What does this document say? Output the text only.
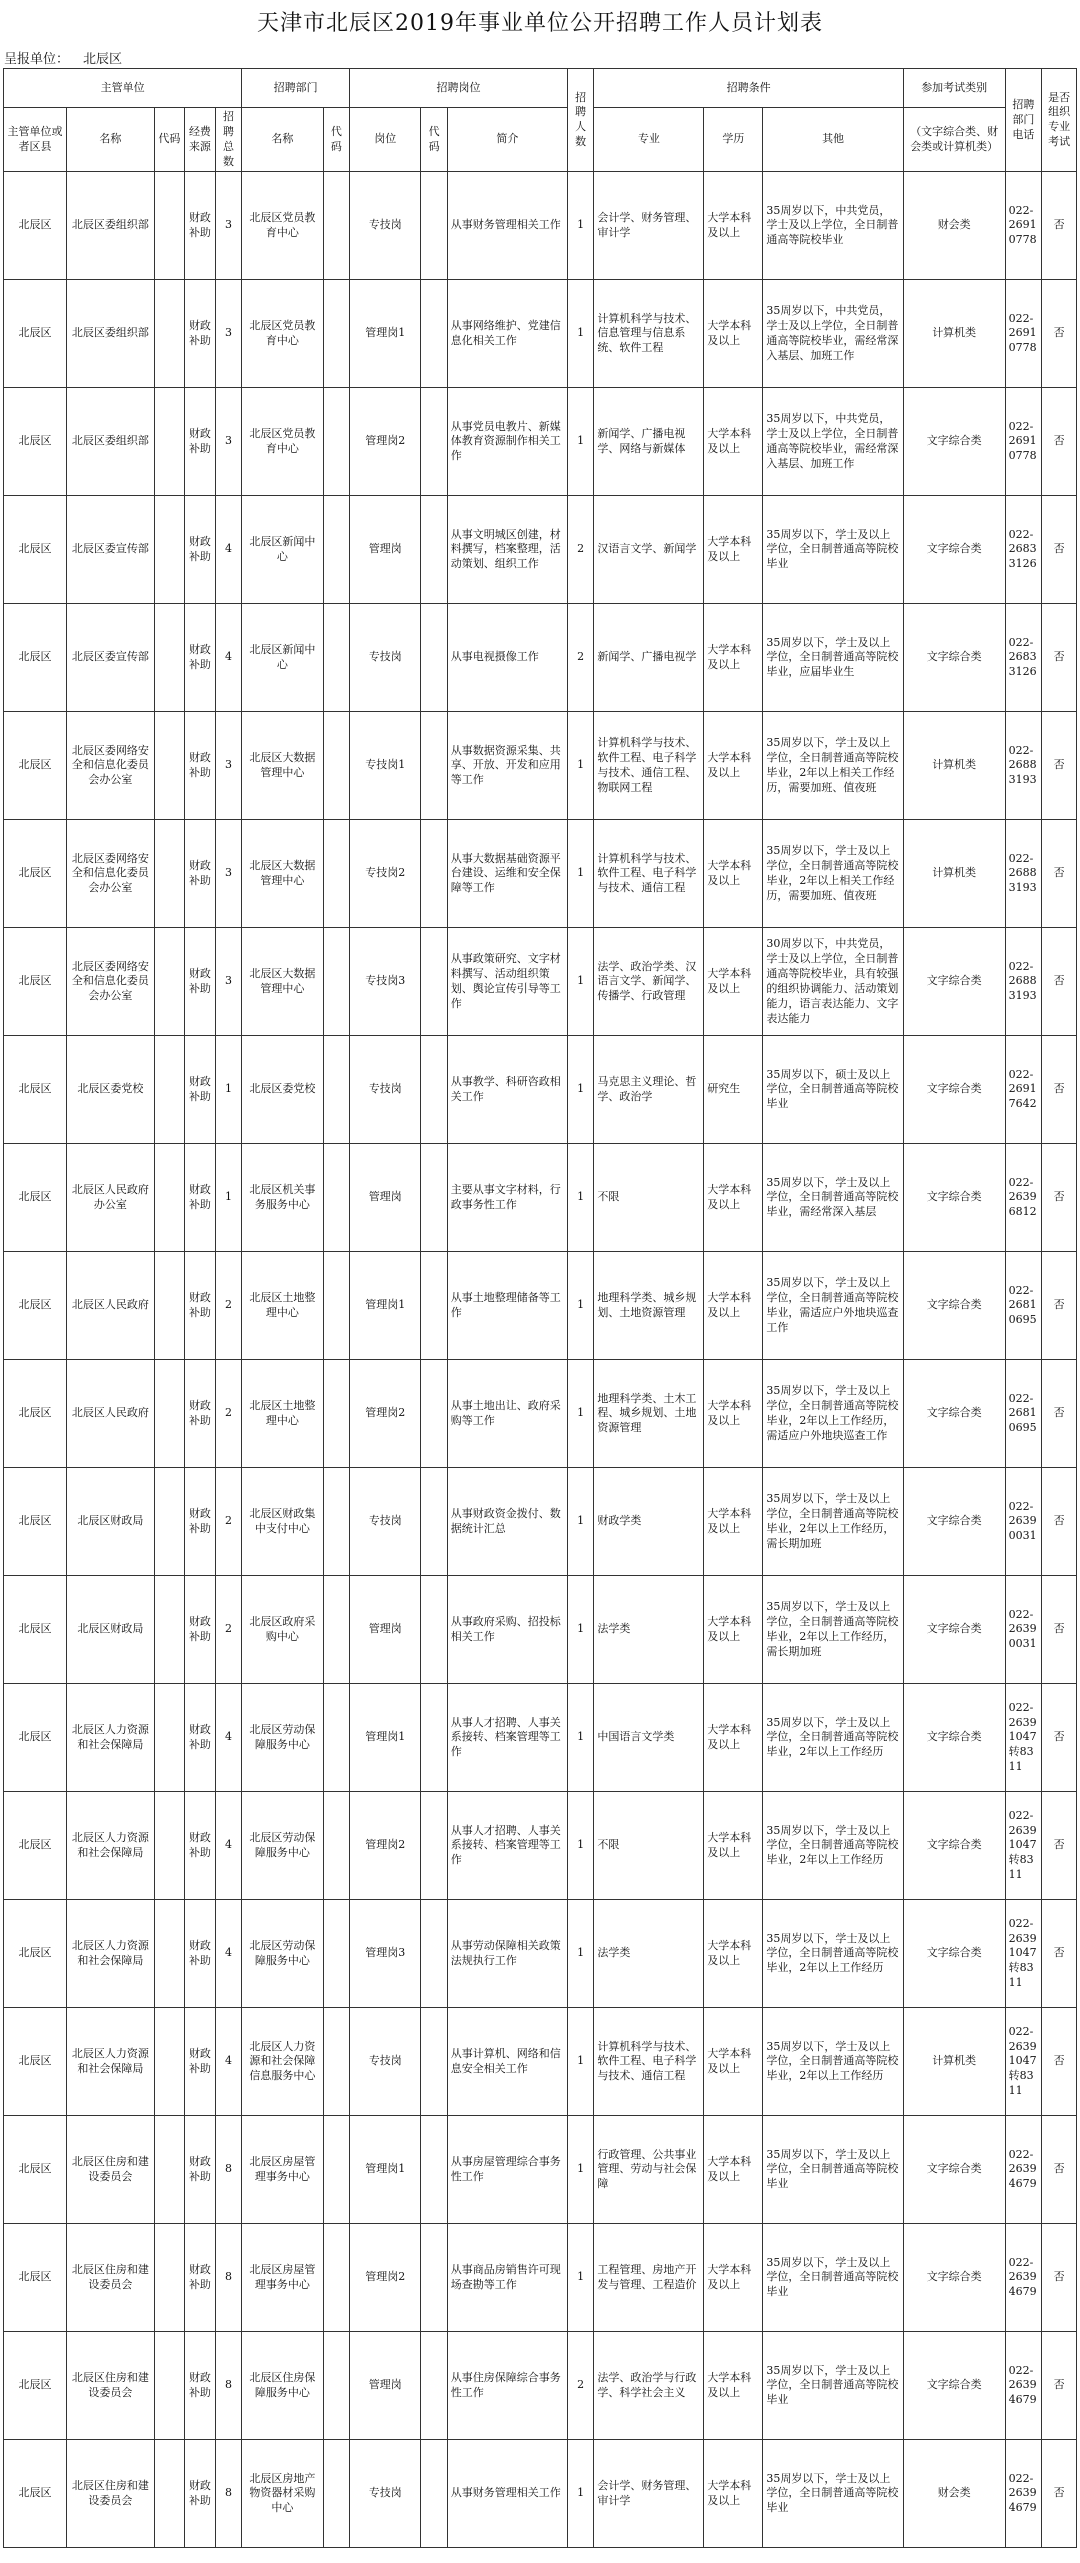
天津市北辰区2019年事业单位公开招聘工作人员计划表
呈报单位： 北辰区
主管单位					招聘部门		招聘岗位			招聘人数	招聘条件			参加考试类别	招聘部门电话	是否组织专业考试
主管单位或者区县	名称	代码	经费来源	招聘总数	名称	代码	岗位	代码	简介		专业	学历	其他	（文字综合类、财会类或计算机类）		
北辰区	北辰区委组织部		财政补助	3	北辰区党员教育中心		专技岗		从事财务管理相关工作	1	会计学、财务管理、审计学	大学本科及以上	35周岁以下，中共党员，学士及以上学位，全日制普通高等院校毕业	财会类	022-26910778	否
北辰区	北辰区委组织部		财政补助	3	北辰区党员教育中心		管理岗1		从事网络维护、党建信息化相关工作	1	计算机科学与技术、信息管理与信息系统、软件工程	大学本科及以上	35周岁以下，中共党员，学士及以上学位，全日制普通高等院校毕业，需经常深入基层、加班工作	计算机类	022-26910778	否
北辰区	北辰区委组织部		财政补助	3	北辰区党员教育中心		管理岗2		从事党员电教片、新媒体教育资源制作相关工作	1	新闻学、广播电视学、网络与新媒体	大学本科及以上	35周岁以下，中共党员，学士及以上学位，全日制普通高等院校毕业，需经常深入基层、加班工作	文字综合类	022-26910778	否
北辰区	北辰区委宣传部		财政补助	4	北辰区新闻中心		管理岗		从事文明城区创建，材料撰写，档案整理，活动策划、组织工作	2	汉语言文学、新闻学	大学本科及以上	35周岁以下，学士及以上学位，全日制普通高等院校毕业	文字综合类	022-26833126	否
北辰区	北辰区委宣传部		财政补助	4	北辰区新闻中心		专技岗		从事电视摄像工作	2	新闻学、广播电视学	大学本科及以上	35周岁以下，学士及以上学位，全日制普通高等院校毕业，应届毕业生	文字综合类	022-26833126	否
北辰区	北辰区委网络安全和信息化委员会办公室		财政补助	3	北辰区大数据管理中心		专技岗1		从事数据资源采集、共享、开放、开发和应用等工作	1	计算机科学与技术、软件工程、电子科学与技术、通信工程、物联网工程	大学本科及以上	35周岁以下，学士及以上学位，全日制普通高等院校毕业，2年以上相关工作经历，需要加班、值夜班	计算机类	022-26883193	否
北辰区	北辰区委网络安全和信息化委员会办公室		财政补助	3	北辰区大数据管理中心		专技岗2		从事大数据基础资源平台建设、运维和安全保障等工作	1	计算机科学与技术、软件工程、电子科学与技术、通信工程	大学本科及以上	35周岁以下，学士及以上学位，全日制普通高等院校毕业，2年以上相关工作经历，需要加班、值夜班	计算机类	022-26883193	否
北辰区	北辰区委网络安全和信息化委员会办公室		财政补助	3	北辰区大数据管理中心		专技岗3		从事政策研究、文字材料撰写、活动组织策划、舆论宣传引导等工作	1	法学、政治学类、汉语言文学、新闻学、传播学、行政管理	大学本科及以上	30周岁以下，中共党员，学士及以上学位，全日制普通高等院校毕业，具有较强的组织协调能力、活动策划能力，语言表达能力、文字表达能力	文字综合类	022-26883193	否
北辰区	北辰区委党校		财政补助	1	北辰区委党校		专技岗		从事教学、科研咨政相关工作	1	马克思主义理论、哲学、政治学	研究生	35周岁以下，硕士及以上学位，全日制普通高等院校毕业	文字综合类	022-26917642	否
北辰区	北辰区人民政府办公室		财政补助	1	北辰区机关事务服务中心		管理岗		主要从事文字材料，行政事务性工作	1	不限	大学本科及以上	35周岁以下，学士及以上学位，全日制普通高等院校毕业，需经常深入基层	文字综合类	022-26396812	否
北辰区	北辰区人民政府		财政补助	2	北辰区土地整理中心		管理岗1		从事土地整理储备等工作	1	地理科学类、城乡规划、土地资源管理	大学本科及以上	35周岁以下，学士及以上学位，全日制普通高等院校毕业，需适应户外地块巡查工作	文字综合类	022-26810695	否
北辰区	北辰区人民政府		财政补助	2	北辰区土地整理中心		管理岗2		从事土地出让、政府采购等工作	1	地理科学类、土木工程、城乡规划、土地资源管理	大学本科及以上	35周岁以下，学士及以上学位，全日制普通高等院校毕业，2年以上工作经历，需适应户外地块巡查工作	文字综合类	022-26810695	否
北辰区	北辰区财政局		财政补助	2	北辰区财政集中支付中心		专技岗		从事财政资金拨付、数据统计汇总	1	财政学类	大学本科及以上	35周岁以下，学士及以上学位，全日制普通高等院校毕业，2年以上工作经历，需长期加班	文字综合类	022-26390031	否
北辰区	北辰区财政局		财政补助	2	北辰区政府采购中心		管理岗		从事政府采购、招投标相关工作	1	法学类	大学本科及以上	35周岁以下，学士及以上学位，全日制普通高等院校毕业，2年以上工作经历，需长期加班	文字综合类	022-26390031	否
北辰区	北辰区人力资源和社会保障局		财政补助	4	北辰区劳动保障服务中心		管理岗1		从事人才招聘、人事关系接转、档案管理等工作	1	中国语言文学类	大学本科及以上	35周岁以下，学士及以上学位，全日制普通高等院校毕业，2年以上工作经历	文字综合类	022-26391047转8311	否
北辰区	北辰区人力资源和社会保障局		财政补助	4	北辰区劳动保障服务中心		管理岗2		从事人才招聘、人事关系接转、档案管理等工作	1	不限	大学本科及以上	35周岁以下，学士及以上学位，全日制普通高等院校毕业，2年以上工作经历	文字综合类	022-26391047转8311	否
北辰区	北辰区人力资源和社会保障局		财政补助	4	北辰区劳动保障服务中心		管理岗3		从事劳动保障相关政策法规执行工作	1	法学类	大学本科及以上	35周岁以下，学士及以上学位，全日制普通高等院校毕业，2年以上工作经历	文字综合类	022-26391047转8311	否
北辰区	北辰区人力资源和社会保障局		财政补助	4	北辰区人力资源和社会保障信息服务中心		专技岗		从事计算机、网络和信息安全相关工作	1	计算机科学与技术、软件工程、电子科学与技术、通信工程	大学本科及以上	35周岁以下，学士及以上学位，全日制普通高等院校毕业，2年以上工作经历	计算机类	022-26391047转8311	否
北辰区	北辰区住房和建设委员会		财政补助	8	北辰区房屋管理事务中心		管理岗1		从事房屋管理综合事务性工作	1	行政管理、公共事业管理、劳动与社会保障	大学本科及以上	35周岁以下，学士及以上学位，全日制普通高等院校毕业	文字综合类	022-26394679	否
北辰区	北辰区住房和建设委员会		财政补助	8	北辰区房屋管理事务中心		管理岗2		从事商品房销售许可现场查勘等工作	1	工程管理、房地产开发与管理、工程造价	大学本科及以上	35周岁以下，学士及以上学位，全日制普通高等院校毕业	文字综合类	022-26394679	否
北辰区	北辰区住房和建设委员会		财政补助	8	北辰区住房保障服务中心		管理岗		从事住房保障综合事务性工作	2	法学、政治学与行政学、科学社会主义	大学本科及以上	35周岁以下，学士及以上学位，全日制普通高等院校毕业	文字综合类	022-26394679	否
北辰区	北辰区住房和建设委员会		财政补助	8	北辰区房地产物资器材采购中心		专技岗		从事财务管理相关工作	1	会计学、财务管理、审计学	大学本科及以上	35周岁以下，学士及以上学位，全日制普通高等院校毕业	财会类	022-26394679	否
